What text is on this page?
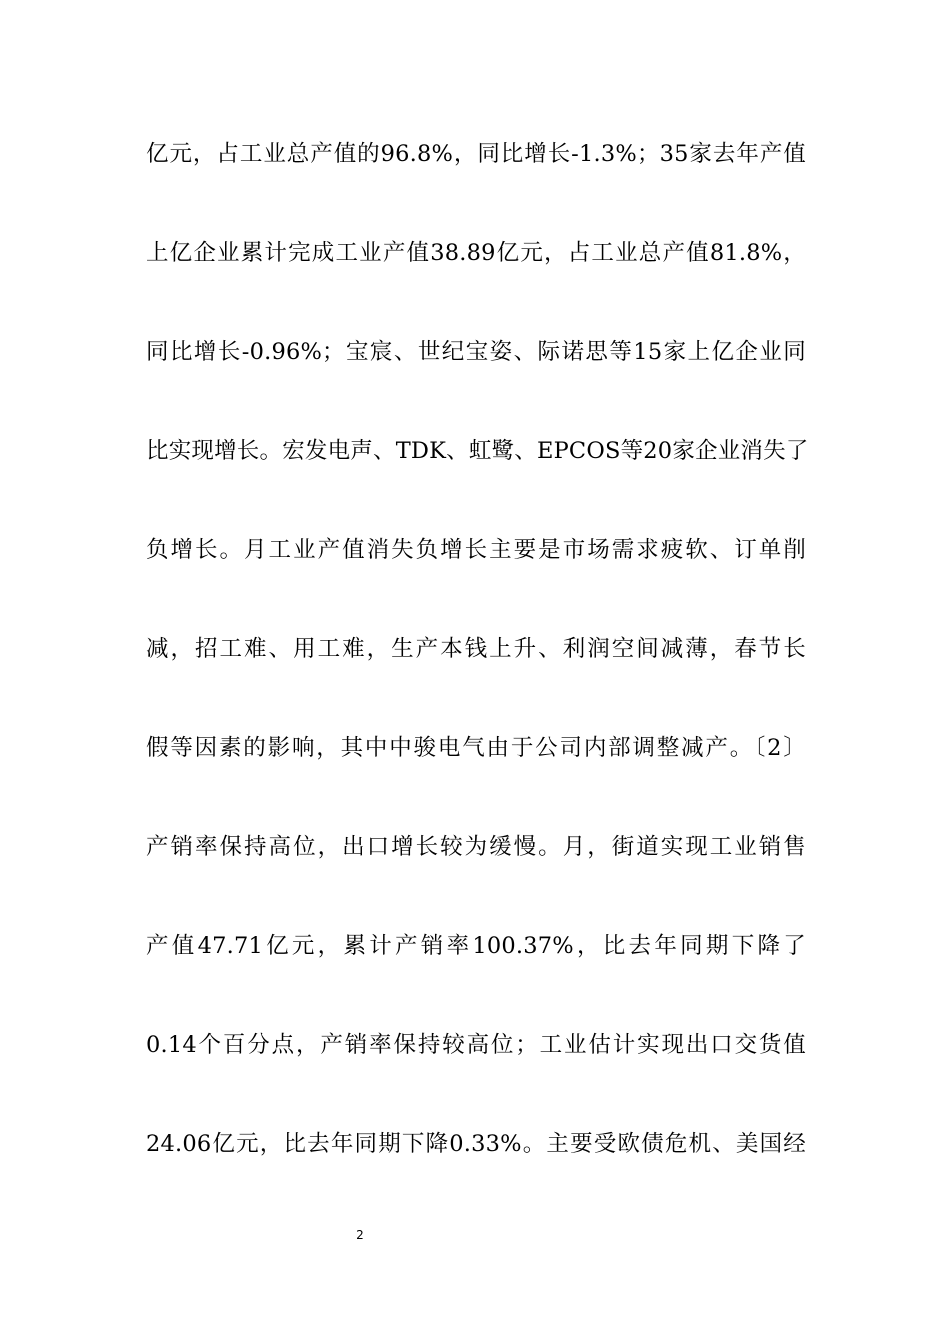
亿元，占工业总产值的96.8%，同比增长-1.3%；35家去年产值
上亿企业累计完成工业产值38.89亿元，占工业总产值81.8%，
同比增长-0.96%；宝宸、世纪宝姿、际诺思等15家上亿企业同
比实现增长。宏发电声、TDK、虹鹭、EPCOS等20家企业消失了
负增长。月工业产值消失负增长主要是市场需求疲软、订单削
减，招工难、用工难，生产本钱上升、利润空间减薄，春节长
假等因素的影响，其中中骏电气由于公司内部调整减产。〔2〕
产销率保持高位，出口增长较为缓慢。月，街道实现工业销售
产值47.71亿元，累计产销率100.37%，比去年同期下降了
0.14个百分点，产销率保持较高位；工业估计实现出口交货值
24.06亿元，比去年同期下降0.33%。主要受欧债危机、美国经
2
